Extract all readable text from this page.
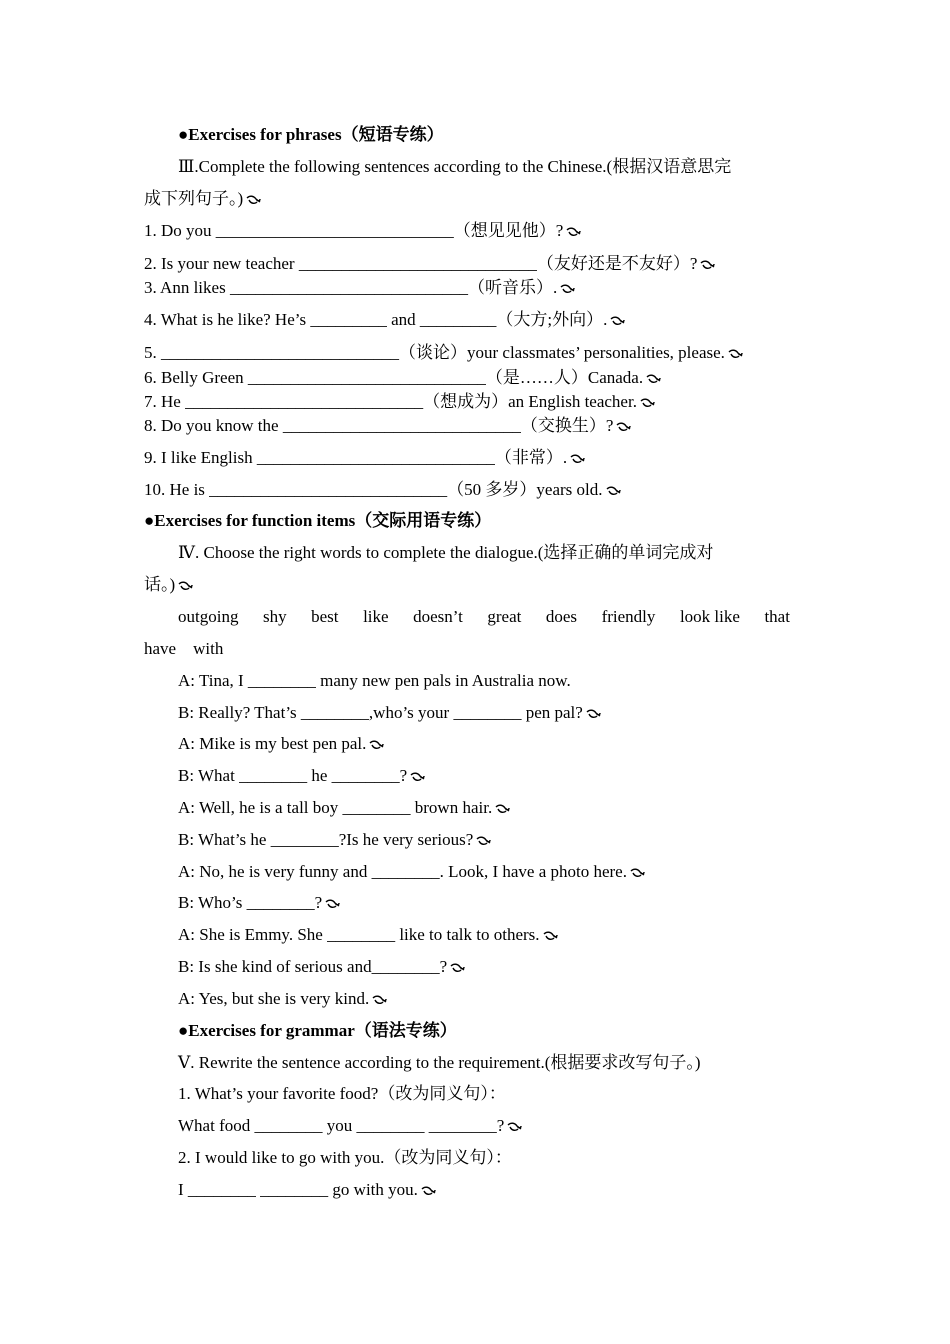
●Exercises for phrases（短语专练）
Ⅲ.Complete the following sentences according to the Chinese.(根据汉语意思完
成下列句子。)
1. Do you ____________________________（想见见他）?
2. Is your new teacher ____________________________（友好还是不友好）?
3. Ann likes ____________________________（听音乐）.
4. What is he like? He’s _________ and _________（大方;外向）.
5. ____________________________（谈论）your classmates’ personalities, please.
6. Belly Green ____________________________（是……人）Canada.
7. He ____________________________（想成为）an English teacher.
8. Do you know the ____________________________（交换生）?
9. I like English ____________________________（非常）.
10. He is ____________________________（50 多岁）years old.
●Exercises for function items（交际用语专练）
Ⅳ. Choose the right words to complete the dialogue.(选择正确的单词完成对
话。)
outgoing shy best like doesn’t great does friendly look like that
have    with
A: Tina, I ________ many new pen pals in Australia now.
B: Really? That’s ________,who’s your ________ pen pal?
A: Mike is my best pen pal.
B: What ________ he ________?
A: Well, he is a tall boy ________ brown hair.
B: What’s he ________?Is he very serious?
A: No, he is very funny and ________. Look, I have a photo here.
B: Who’s ________?
A: She is Emmy. She ________ like to talk to others.
B: Is she kind of serious and________?
A: Yes, but she is very kind.
●Exercises for grammar（语法专练）
Ⅴ. Rewrite the sentence according to the requirement.(根据要求改写句子。)
1. What’s your favorite food?（改为同义句）：
What food ________ you ________ ________?
2. I would like to go with you.（改为同义句）：
I ________ ________ go with you.
